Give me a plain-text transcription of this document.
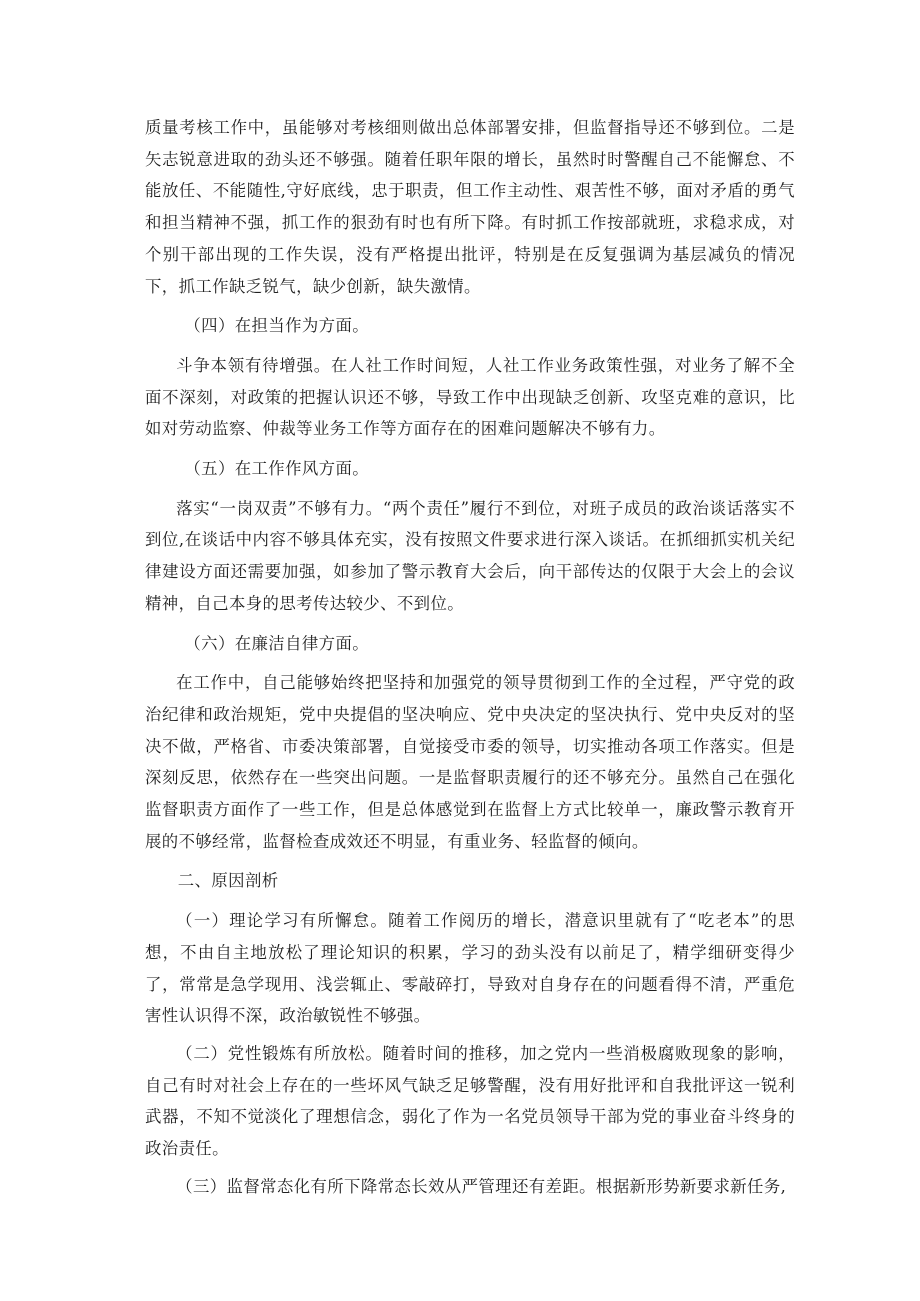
质量考核工作中，虽能够对考核细则做出总体部署安排，但监督指导还不够到位。二是矢志锐意进取的劲头还不够强。随着任职年限的增长，虽然时时警醒自己不能懈怠、不能放任、不能随性,守好底线，忠于职责，但工作主动性、艰苦性不够，面对矛盾的勇气和担当精神不强，抓工作的狠劲有时也有所下降。有时抓工作按部就班，求稳求成，对个别干部出现的工作失误，没有严格提出批评，特别是在反复强调为基层减负的情况下，抓工作缺乏锐气，缺少创新，缺失激情。

（四）在担当作为方面。

斗争本领有待增强。在人社工作时间短，人社工作业务政策性强，对业务了解不全面不深刻，对政策的把握认识还不够，导致工作中出现缺乏创新、攻坚克难的意识，比如对劳动监察、仲裁等业务工作等方面存在的困难问题解决不够有力。

（五）在工作作风方面。

落实“一岗双责”不够有力。“两个责任”履行不到位，对班子成员的政治谈话落实不到位,在谈话中内容不够具体充实，没有按照文件要求进行深入谈话。在抓细抓实机关纪律建设方面还需要加强，如参加了警示教育大会后，向干部传达的仅限于大会上的会议精神，自己本身的思考传达较少、不到位。

（六）在廉洁自律方面。

在工作中，自己能够始终把坚持和加强党的领导贯彻到工作的全过程，严守党的政治纪律和政治规矩，党中央提倡的坚决响应、党中央决定的坚决执行、党中央反对的坚决不做，严格省、市委决策部署，自觉接受市委的领导，切实推动各项工作落实。但是深刻反思，依然存在一些突出问题。一是监督职责履行的还不够充分。虽然自己在强化监督职责方面作了一些工作，但是总体感觉到在监督上方式比较单一，廉政警示教育开展的不够经常，监督检查成效还不明显，有重业务、轻监督的倾向。

二、原因剖析

（一）理论学习有所懈怠。随着工作阅历的增长，潜意识里就有了“吃老本”的思想，不由自主地放松了理论知识的积累，学习的劲头没有以前足了，精学细研变得少了，常常是急学现用、浅尝辄止、零敲碎打，导致对自身存在的问题看得不清，严重危害性认识得不深，政治敏锐性不够强。

（二）党性锻炼有所放松。随着时间的推移，加之党内一些消极腐败现象的影响，自己有时对社会上存在的一些坏风气缺乏足够警醒，没有用好批评和自我批评这一锐利武器，不知不觉淡化了理想信念，弱化了作为一名党员领导干部为党的事业奋斗终身的政治责任。

（三）监督常态化有所下降常态长效从严管理还有差距。根据新形势新要求新任务,
